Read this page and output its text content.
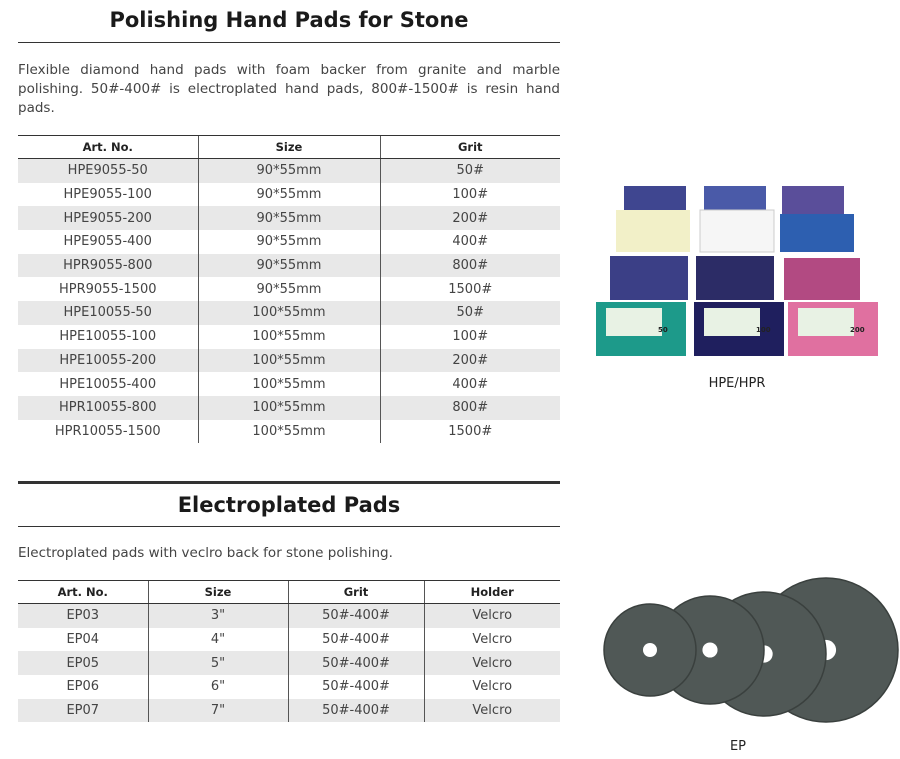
Polishing Hand Pads for Stone
Flexible diamond hand pads with foam backer from granite and marble polishing. 50#-400# is electroplated hand pads, 800#-1500# is resin hand pads.
Art. No.	Size	Grit
HPE9055-50	90*55mm	50#
HPE9055-100	90*55mm	100#
HPE9055-200	90*55mm	200#
HPE9055-400	90*55mm	400#
HPR9055-800	90*55mm	800#
HPR9055-1500	90*55mm	1500#
HPE10055-50	100*55mm	50#
HPE10055-100	100*55mm	100#
HPE10055-200	100*55mm	200#
HPE10055-400	100*55mm	400#
HPR10055-800	100*55mm	800#
HPR10055-1500	100*55mm	1500#
Electroplated Pads
Electroplated pads with veclro back for stone polishing.
Art. No.	Size	Grit	Holder
EP03	3"	50#-400#	Velcro
EP04	4"	50#-400#	Velcro
EP05	5"	50#-400#	Velcro
EP06	6"	50#-400#	Velcro
EP07	7"	50#-400#	Velcro
50	100	200
HPE/HPR
EP
